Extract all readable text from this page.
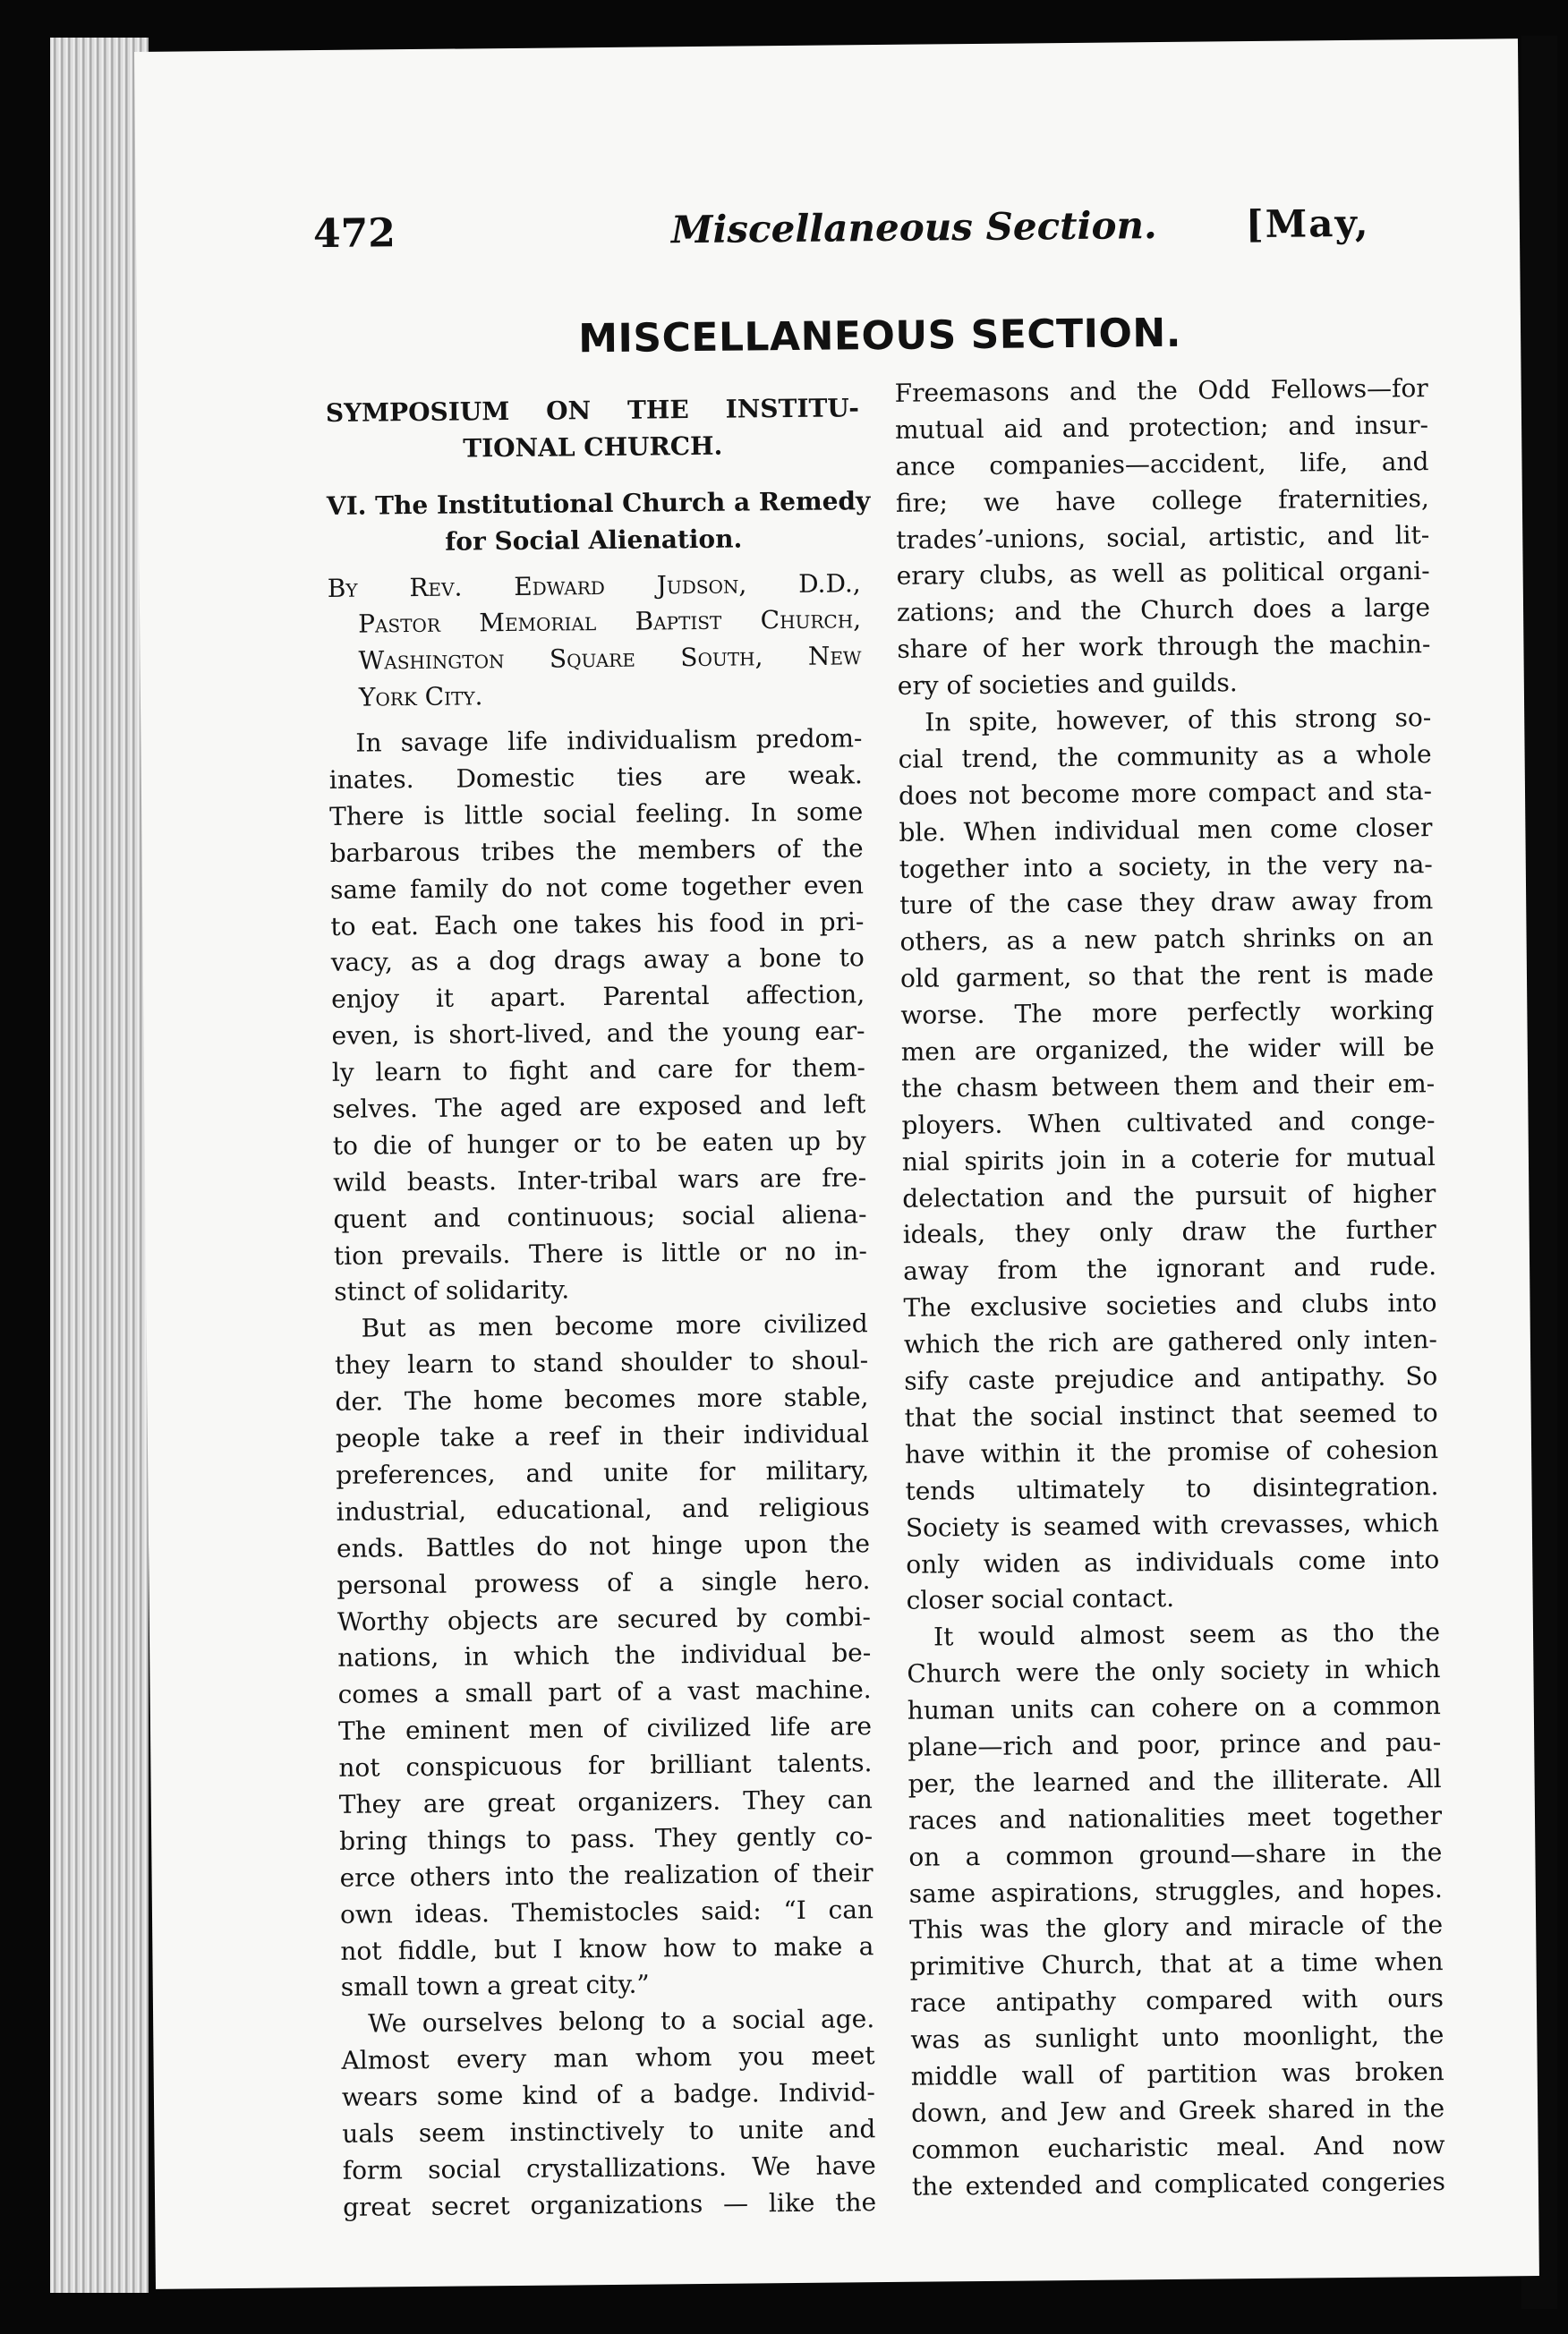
472	Miscellaneous Section. [May,
MISCELLANEOUS SECTION.
SYMPOSIUM ON THE INSTITU-
TIONAL CHURCH.
VI. The Institutional Church a Remedy
for Social Alienation.
By Rev. Edward Judson, D.D.,
Pastor Memorial Baptist Church,
Washington Square South, New
York City.
In savage life individualism predom-
inates. Domestic ties are weak.
There is little social feeling. In some
barbarous tribes the members of the
same family do not come together even
to eat. Each one takes his food in pri-
vacy, as a dog drags away a bone to
enjoy it apart. Parental affection,
even, is short-lived, and the young ear-
ly learn to fight and care for them-
selves. The aged are exposed and left
to die of hunger or to be eaten up by
wild beasts. Inter-tribal wars are fre-
quent and continuous; social aliena-
tion prevails. There is little or no in-
stinct of solidarity.
But as men become more civilized
they learn to stand shoulder to shoul-
der. The home becomes more stable,
people take a reef in their individual
preferences, and unite for military,
industrial, educational, and religious
ends. Battles do not hinge upon the
personal prowess of a single hero.
Worthy objects are secured by combi-
nations, in which the individual be-
comes a small part of a vast machine.
The eminent men of civilized life are
not conspicuous for brilliant talents.
They are great organizers. They can
bring things to pass. They gently co-
erce others into the realization of their
own ideas. Themistocles said: “I can
not fiddle, but I know how to make a
small town a great city.”
We ourselves belong to a social age.
Almost every man whom you meet
wears some kind of a badge. Individ-
uals seem instinctively to unite and
form social crystallizations. We have
great secret organizations — like the
Freemasons and the Odd Fellows—for
mutual aid and protection; and insur-
ance companies—accident, life, and
fire; we have college fraternities,
trades’-unions, social, artistic, and lit-
erary clubs, as well as political organi-
zations; and the Church does a large
share of her work through the machin-
ery of societies and guilds.
In spite, however, of this strong so-
cial trend, the community as a whole
does not become more compact and sta-
ble. When individual men come closer
together into a society, in the very na-
ture of the case they draw away from
others, as a new patch shrinks on an
old garment, so that the rent is made
worse. The more perfectly working
men are organized, the wider will be
the chasm between them and their em-
ployers. When cultivated and conge-
nial spirits join in a coterie for mutual
delectation and the pursuit of higher
ideals, they only draw the further
away from the ignorant and rude.
The exclusive societies and clubs into
which the rich are gathered only inten-
sify caste prejudice and antipathy. So
that the social instinct that seemed to
have within it the promise of cohesion
tends ultimately to disintegration.
Society is seamed with crevasses, which
only widen as individuals come into
closer social contact.
It would almost seem as tho the
Church were the only society in which
human units can cohere on a common
plane—rich and poor, prince and pau-
per, the learned and the illiterate. All
races and nationalities meet together
on a common ground—share in the
same aspirations, struggles, and hopes.
This was the glory and miracle of the
primitive Church, that at a time when
race antipathy compared with ours
was as sunlight unto moonlight, the
middle wall of partition was broken
down, and Jew and Greek shared in the
common eucharistic meal. And now
the extended and complicated congeries
